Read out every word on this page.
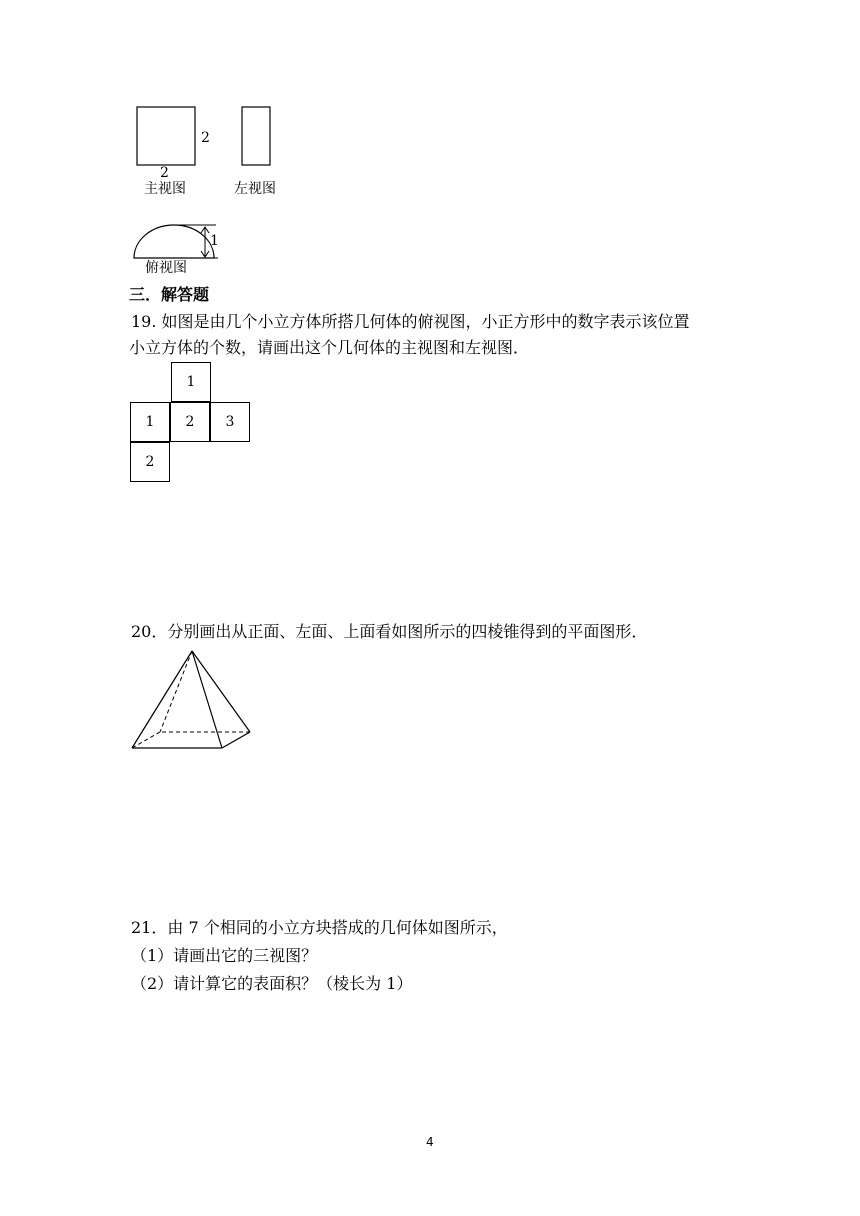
2
2
主视图	左视图
1
俯视图
三．解答题
19. 如图是由几个小立方体所搭几何体的俯视图，小正方形中的数字表示该位置
小立方体的个数，请画出这个几何体的主视图和左视图．
1
1	2	3
2
20．分别画出从正面、左面、上面看如图所示的四棱锥得到的平面图形．
21．由 7 个相同的小立方块搭成的几何体如图所示，
（1）请画出它的三视图？
（2）请计算它的表面积？（棱长为 1）
4
